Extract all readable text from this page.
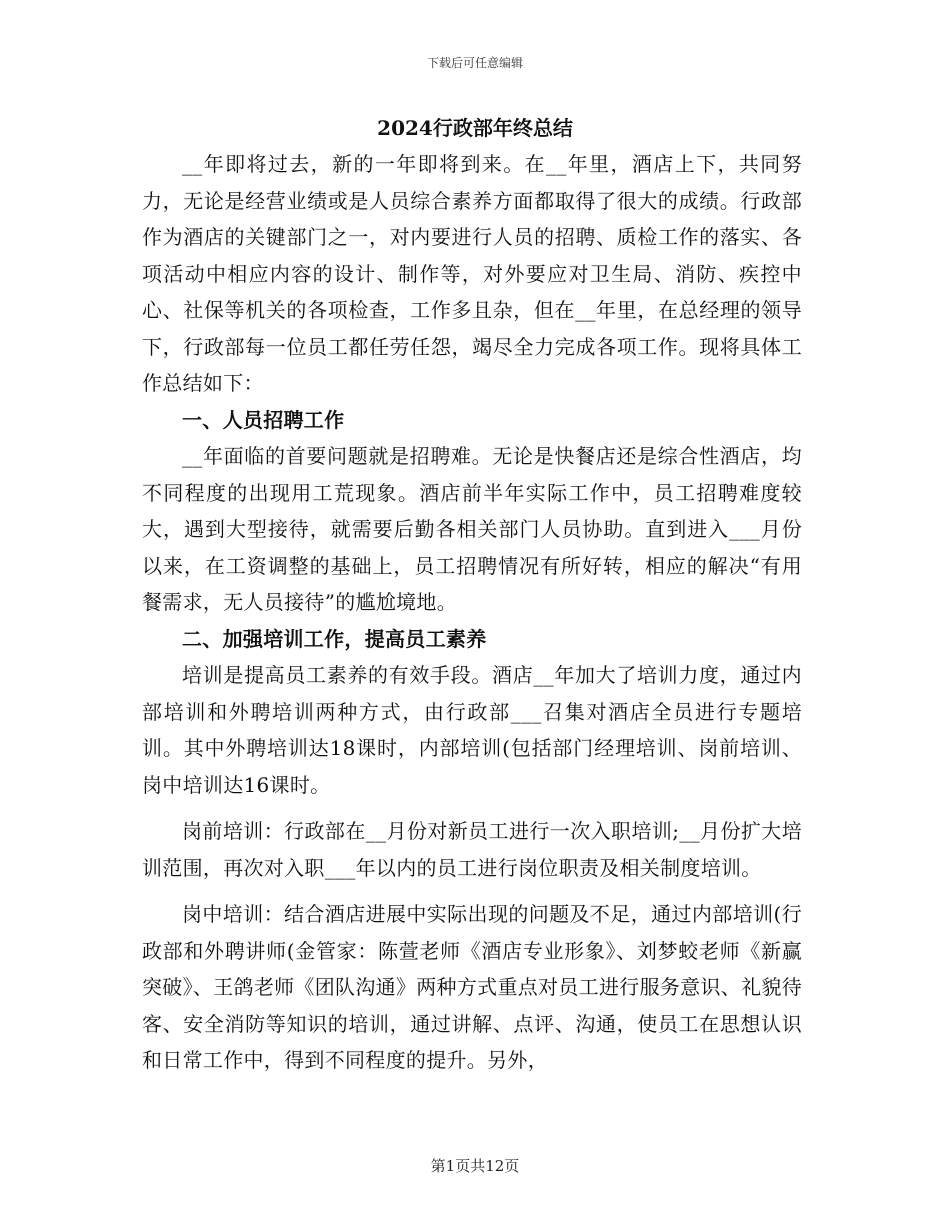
下载后可任意编辑
2024行政部年终总结

__年即将过去，新的一年即将到来。在__年里，酒店上下，共同努力，无论是经营业绩或是人员综合素养方面都取得了很大的成绩。行政部作为酒店的关键部门之一，对内要进行人员的招聘、质检工作的落实、各项活动中相应内容的设计、制作等，对外要应对卫生局、消防、疾控中心、社保等机关的各项检查，工作多且杂，但在__年里，在总经理的领导下，行政部每一位员工都任劳任怨，竭尽全力完成各项工作。现将具体工作总结如下：

一、人员招聘工作

__年面临的首要问题就是招聘难。无论是快餐店还是综合性酒店，均不同程度的出现用工荒现象。酒店前半年实际工作中，员工招聘难度较大，遇到大型接待，就需要后勤各相关部门人员协助。直到进入___月份以来，在工资调整的基础上，员工招聘情况有所好转，相应的解决“有用餐需求，无人员接待”的尴尬境地。

二、加强培训工作，提高员工素养

培训是提高员工素养的有效手段。酒店__年加大了培训力度，通过内部培训和外聘培训两种方式，由行政部___召集对酒店全员进行专题培训。其中外聘培训达18课时，内部培训(包括部门经理培训、岗前培训、岗中培训达16课时。

岗前培训：行政部在__月份对新员工进行一次入职培训;__月份扩大培训范围，再次对入职___年以内的员工进行岗位职责及相关制度培训。

岗中培训：结合酒店进展中实际出现的问题及不足，通过内部培训(行政部和外聘讲师(金管家：陈萱老师《酒店专业形象》、刘梦蛟老师《新赢突破》、王鸽老师《团队沟通》两种方式重点对员工进行服务意识、礼貌待客、安全消防等知识的培训，通过讲解、点评、沟通，使员工在思想认识和日常工作中，得到不同程度的提升。另外，

第1页共12页
